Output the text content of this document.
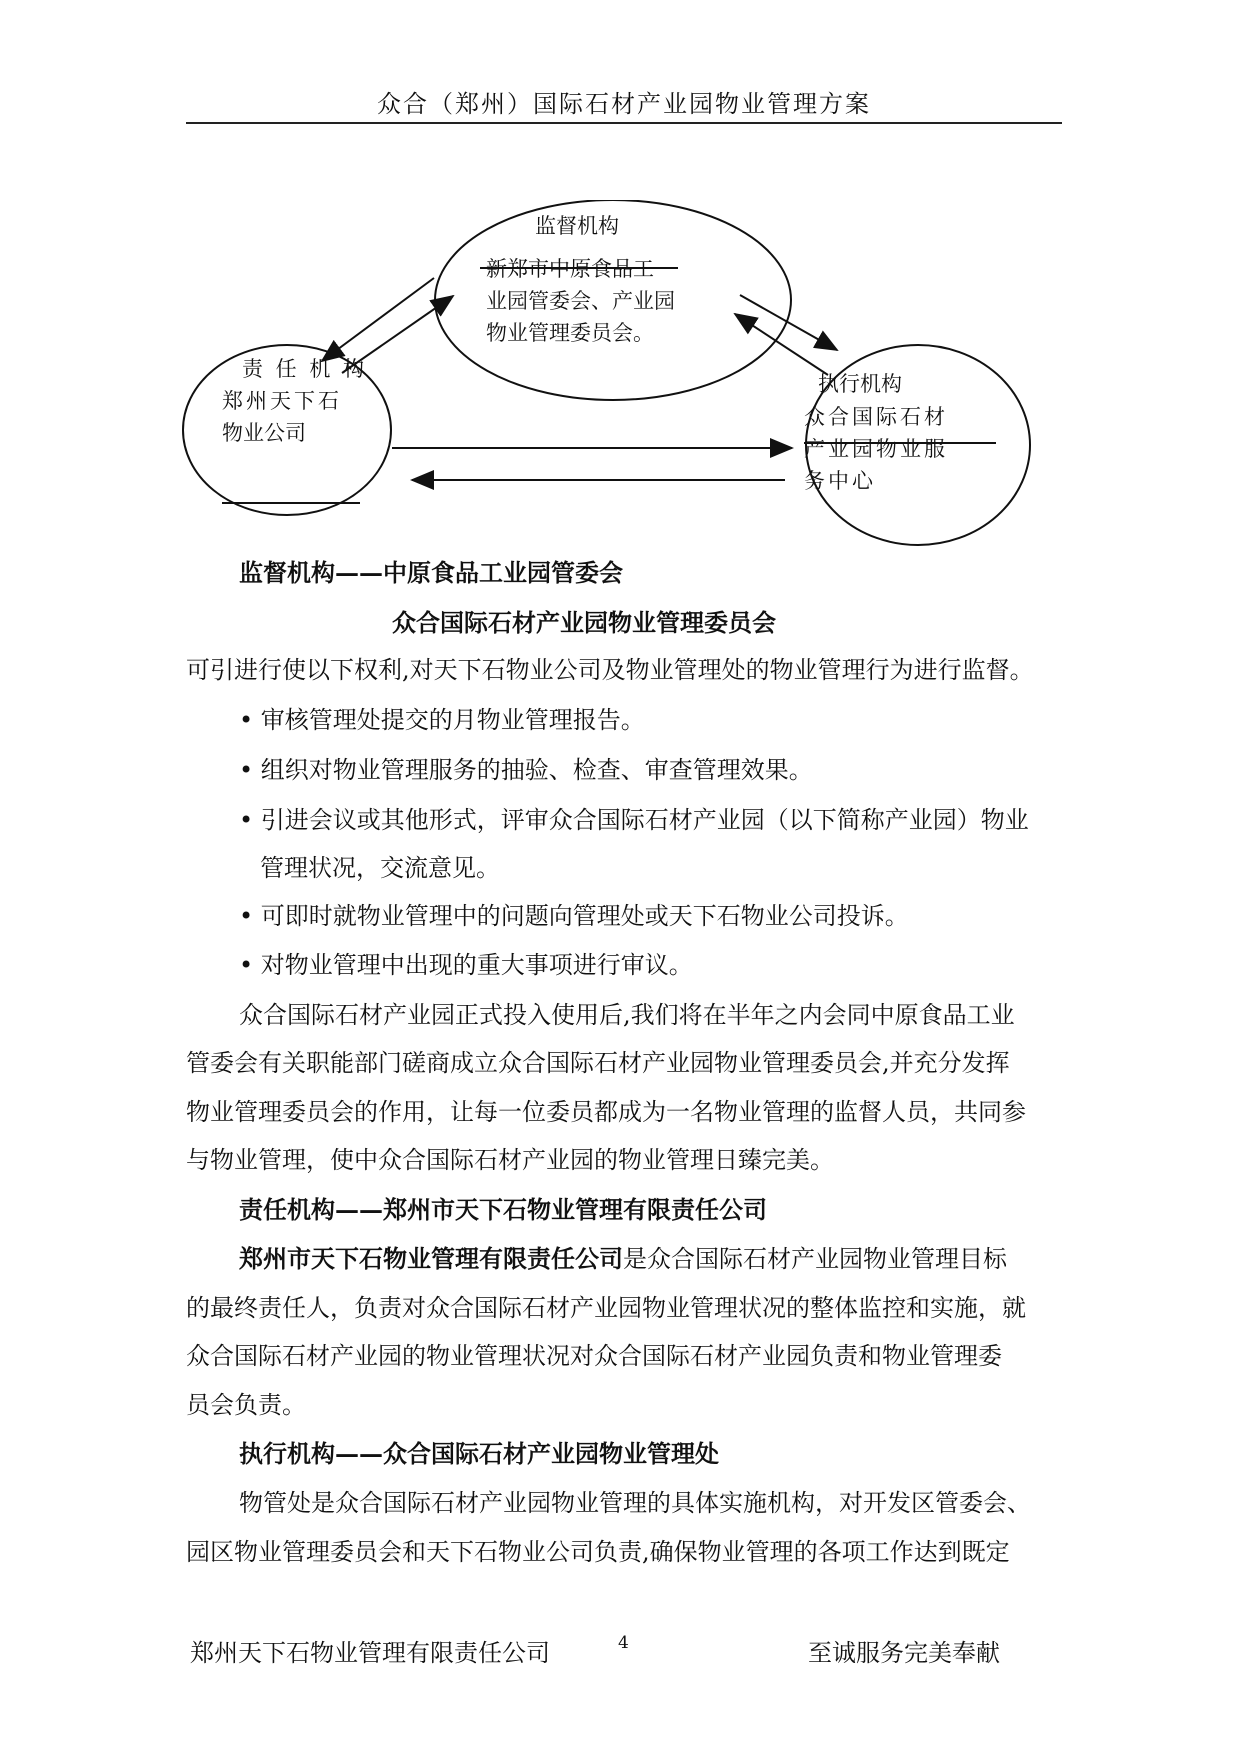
众合（郑州）国际石材产业园物业管理方案
监督机构
新郑市中原食品工
业园管委会、产业园
物业管理委员会。
责 任 机 构
郑州天下石
物业公司
执行机构
众合国际石材
产业园物业服
务中心
监督机构——中原食品工业园管委会
众合国际石材产业园物业管理委员会
可引进行使以下权利,对天下石物业公司及物业管理处的物业管理行为进行监督。
• 审核管理处提交的月物业管理报告。
• 组织对物业管理服务的抽验、检查、审查管理效果。
• 引进会议或其他形式，评审众合国际石材产业园（以下简称产业园）物业
管理状况，交流意见。
• 可即时就物业管理中的问题向管理处或天下石物业公司投诉。
• 对物业管理中出现的重大事项进行审议。
众合国际石材产业园正式投入使用后,我们将在半年之内会同中原食品工业
管委会有关职能部门磋商成立众合国际石材产业园物业管理委员会,并充分发挥
物业管理委员会的作用，让每一位委员都成为一名物业管理的监督人员，共同参
与物业管理，使中众合国际石材产业园的物业管理日臻完美。
责任机构——郑州市天下石物业管理有限责任公司
郑州市天下石物业管理有限责任公司是众合国际石材产业园物业管理目标
的最终责任人，负责对众合国际石材产业园物业管理状况的整体监控和实施，就
众合国际石材产业园的物业管理状况对众合国际石材产业园负责和物业管理委
员会负责。
执行机构——众合国际石材产业园物业管理处
物管处是众合国际石材产业园物业管理的具体实施机构，对开发区管委会、
园区物业管理委员会和天下石物业公司负责,确保物业管理的各项工作达到既定
郑州天下石物业管理有限责任公司	4	至诚服务完美奉献
